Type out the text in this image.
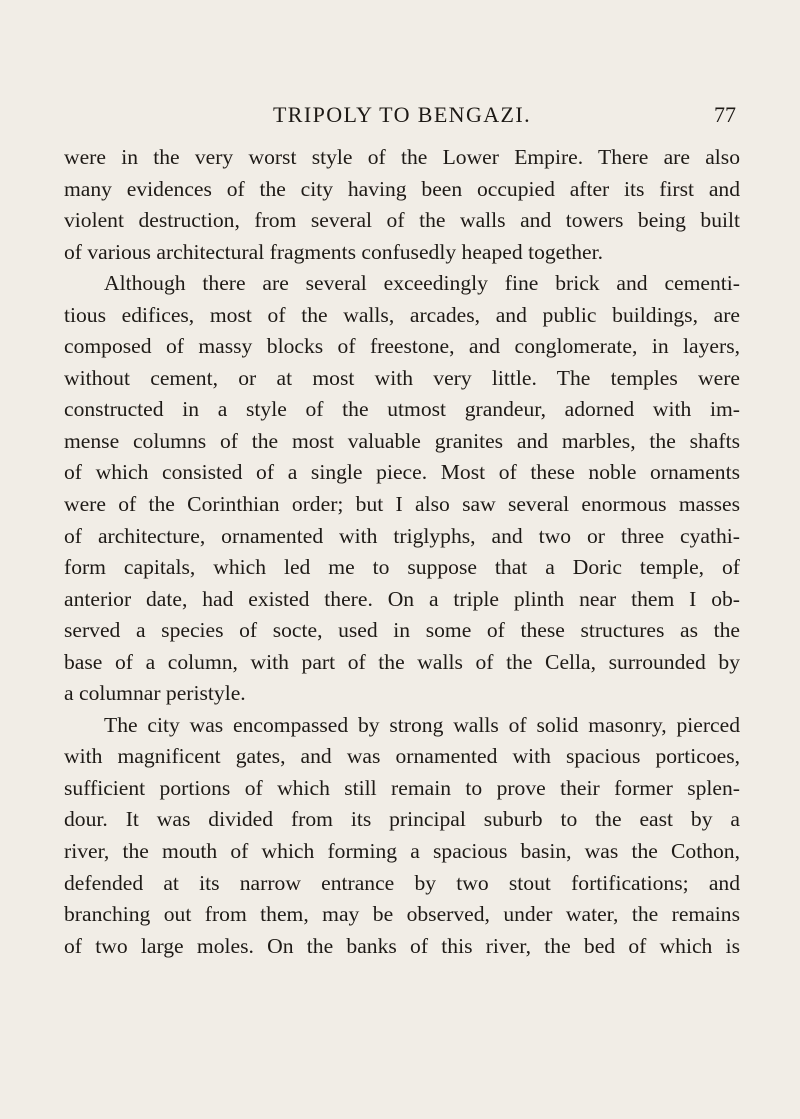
TRIPOLY TO BENGAZI.	77
were in the very worst style of the Lower Empire. There are also
many evidences of the city having been occupied after its first and
violent destruction, from several of the walls and towers being built
of various architectural fragments confusedly heaped together.
Although there are several exceedingly fine brick and cementi-
tious edifices, most of the walls, arcades, and public buildings, are
composed of massy blocks of freestone, and conglomerate, in layers,
without cement, or at most with very little. The temples were
constructed in a style of the utmost grandeur, adorned with im-
mense columns of the most valuable granites and marbles, the shafts
of which consisted of a single piece. Most of these noble ornaments
were of the Corinthian order; but I also saw several enormous masses
of architecture, ornamented with triglyphs, and two or three cyathi-
form capitals, which led me to suppose that a Doric temple, of
anterior date, had existed there. On a triple plinth near them I ob-
served a species of socte, used in some of these structures as the
base of a column, with part of the walls of the Cella, surrounded by
a columnar peristyle.
The city was encompassed by strong walls of solid masonry, pierced
with magnificent gates, and was ornamented with spacious porticoes,
sufficient portions of which still remain to prove their former splen-
dour. It was divided from its principal suburb to the east by a
river, the mouth of which forming a spacious basin, was the Cothon,
defended at its narrow entrance by two stout fortifications; and
branching out from them, may be observed, under water, the remains
of two large moles. On the banks of this river, the bed of which is
